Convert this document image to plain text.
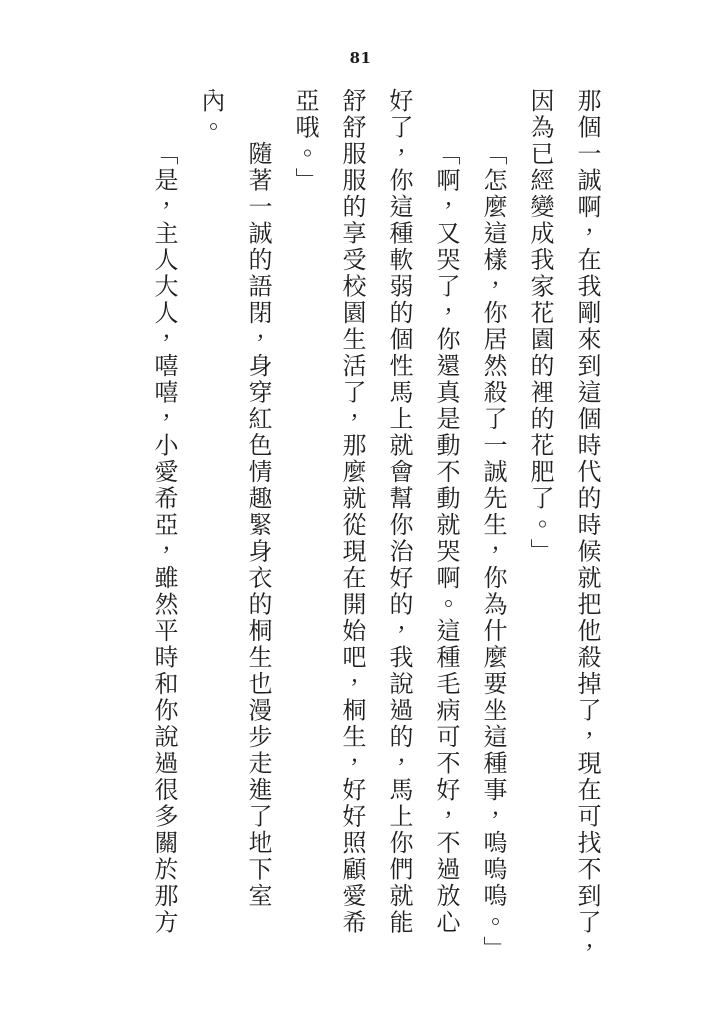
81
那個一誠啊，在我剛來到這個時代的時候就把他殺掉了，現在可找不到了，
因為已經變成我家花園的裡的花肥了。」
「怎麼這樣，你居然殺了一誠先生，你為什麼要坐這種事，嗚嗚嗚。」
「啊，又哭了，你還真是動不動就哭啊。這種毛病可不好，不過放心
好了，你這種軟弱的個性馬上就會幫你治好的，我說過的，馬上你們就能
舒舒服服的享受校園生活了，那麼就從現在開始吧，桐生，好好照顧愛希
亞哦。」
隨著一誠的語閉，身穿紅色情趣緊身衣的桐生也漫步走進了地下室
內。
「是，主人大人，嘻嘻，小愛希亞，雖然平時和你說過很多關於那方
